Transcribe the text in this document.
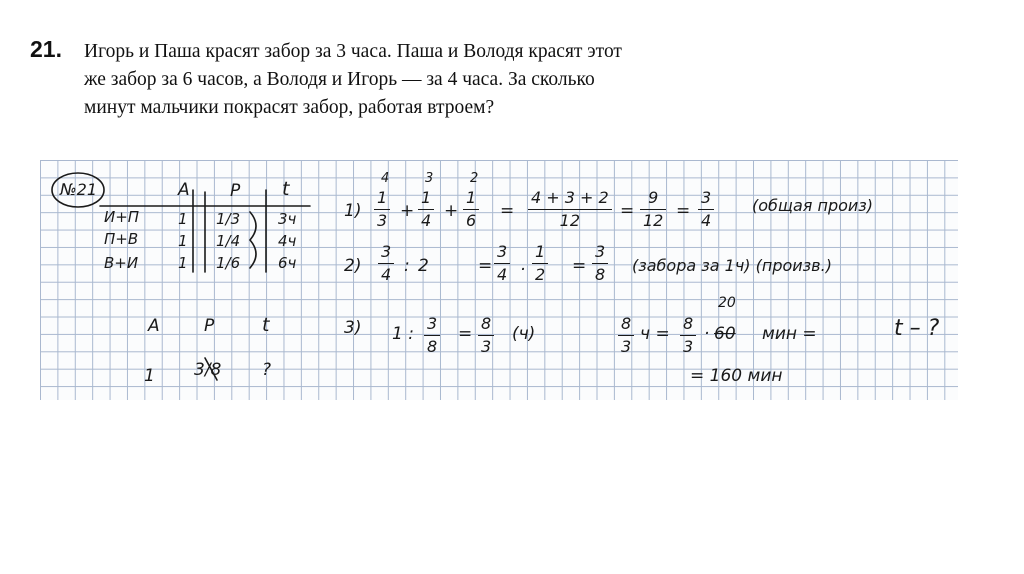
21. Игорь и Паша красят забор за 3 часа. Паша и Володя красят этот
же забор за 6 часов, а Володя и Игорь — за 4 часа. За сколько
минут мальчики покрасят забор, работая втроем?
№21	A P t
И+П	1 1/3	3ч
П+В	1 1/4	4ч
В+И	1 1/6	6ч
1)
4
1
3 +
3
1
4 +
2
1
6 =
4 + 3 + 2
12 =
9
12 =
3
4
(общая произ)
2)
3
4 : 2	=
3
4 ·
1
2 =
3
8 (забора за 1ч) (произв.)
A	P	t
1 3/8 ?
3) 1 :
3
8
=
8
3
(ч)
8
3
ч =
8
3
·
20
60 мин =	t – ?
= 160 мин
